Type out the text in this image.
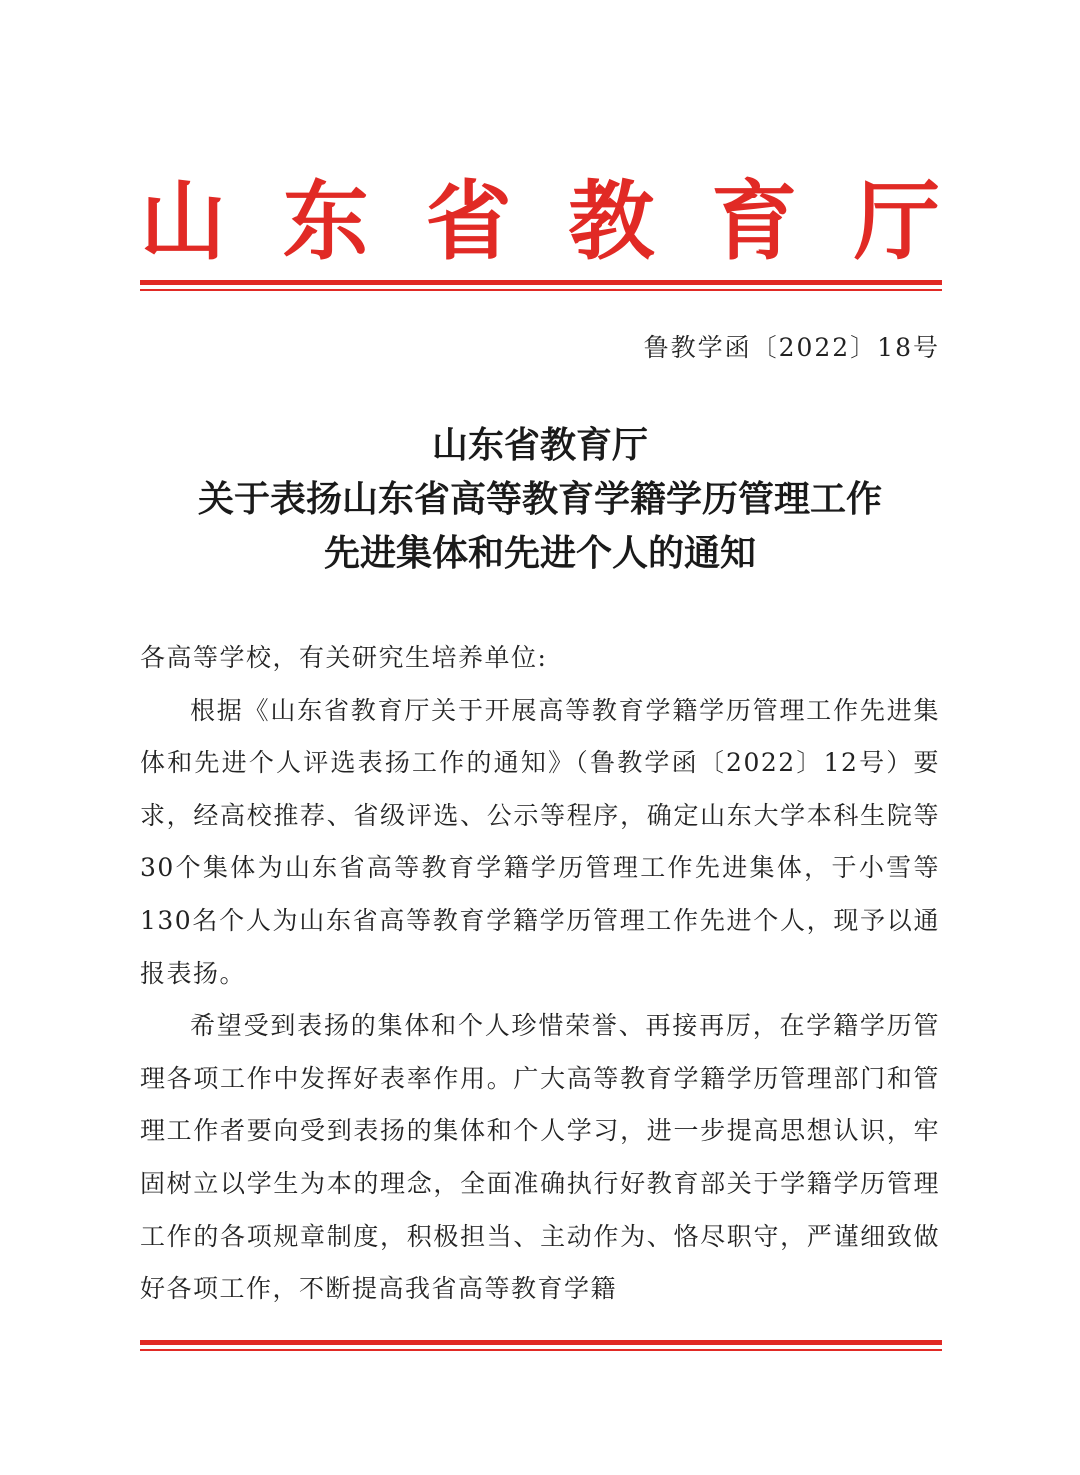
山 东 省 教 育 厅
鲁教学函〔2022〕18号
山东省教育厅
关于表扬山东省高等教育学籍学历管理工作
先进集体和先进个人的通知

各高等学校，有关研究生培养单位:

根据《山东省教育厅关于开展高等教育学籍学历管理工作先进集体和先进个人评选表扬工作的通知》（鲁教学函〔2022〕12号）要求，经高校推荐、省级评选、公示等程序，确定山东大学本科生院等30个集体为山东省高等教育学籍学历管理工作先进集体，于小雪等130名个人为山东省高等教育学籍学历管理工作先进个人，现予以通报表扬。

希望受到表扬的集体和个人珍惜荣誉、再接再厉，在学籍学历管理各项工作中发挥好表率作用。广大高等教育学籍学历管理部门和管理工作者要向受到表扬的集体和个人学习，进一步提高思想认识，牢固树立以学生为本的理念，全面准确执行好教育部关于学籍学历管理工作的各项规章制度，积极担当、主动作为、恪尽职守，严谨细致做好各项工作，不断提高我省高等教育学籍
